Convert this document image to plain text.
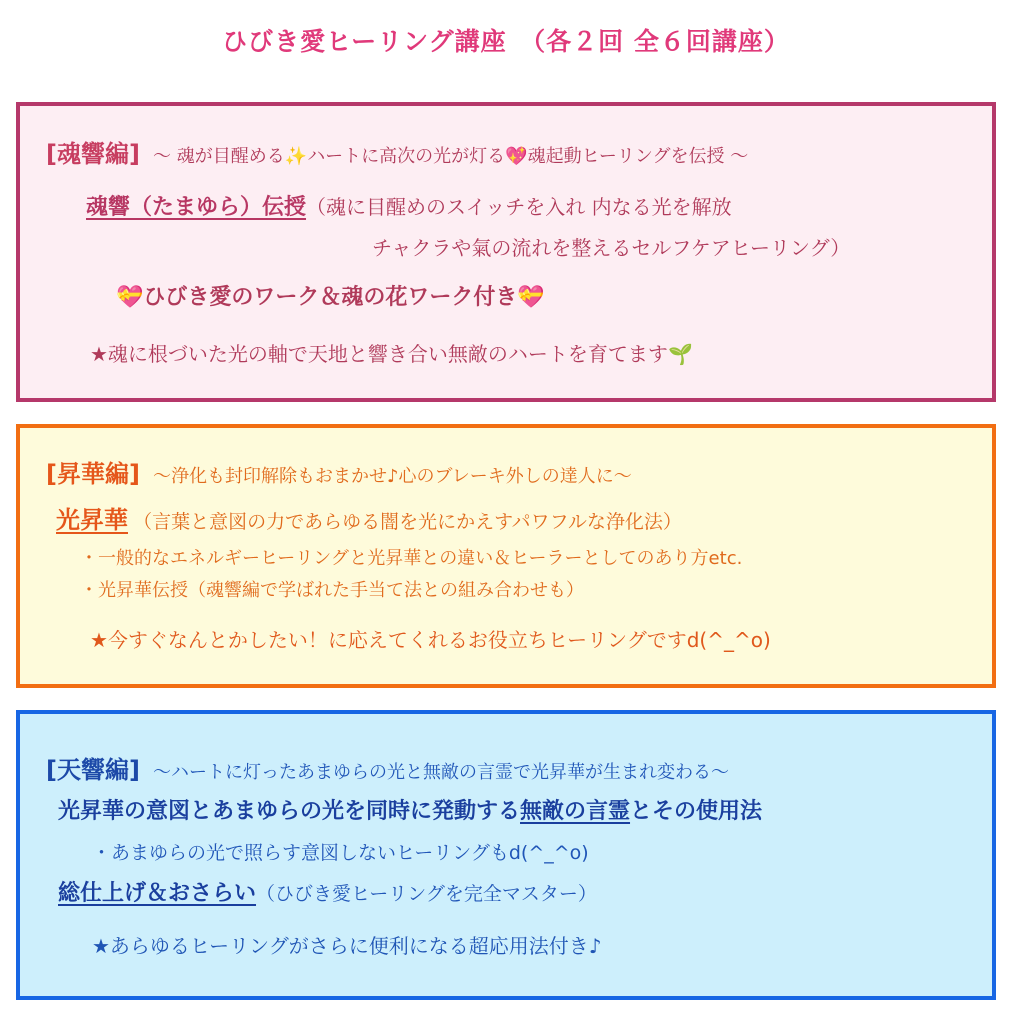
ひびき愛ヒーリング講座　（各２回 全６回講座）
[魂響編] 〜 魂が目醒める✨ハートに高次の光が灯る💖魂起動ヒーリングを伝授 〜
魂響（たまゆら）伝授（魂に目醒めのスイッチを入れ 内なる光を解放
チャクラや氣の流れを整えるセルフケアヒーリング）
💝ひびき愛のワーク＆魂の花ワーク付き💝
★魂に根づいた光の軸で天地と響き合い無敵のハートを育てます🌱
[昇華編] 〜浄化も封印解除もおまかせ♪心のブレーキ外しの達人に〜
光昇華 （言葉と意図の力であらゆる闇を光にかえすパワフルな浄化法）
・一般的なエネルギーヒーリングと光昇華との違い＆ヒーラーとしてのあり方etc.
・光昇華伝授（魂響編で学ばれた手当て法との組み合わせも）
★今すぐなんとかしたい！に応えてくれるお役立ちヒーリングですd(^_^o)
[天響編] 〜ハートに灯ったあまゆらの光と無敵の言霊で光昇華が生まれ変わる〜
光昇華の意図とあまゆらの光を同時に発動する無敵の言霊とその使用法
・あまゆらの光で照らす意図しないヒーリングもd(^_^o)
総仕上げ＆おさらい（ひびき愛ヒーリングを完全マスター）
★あらゆるヒーリングがさらに便利になる超応用法付き♪
